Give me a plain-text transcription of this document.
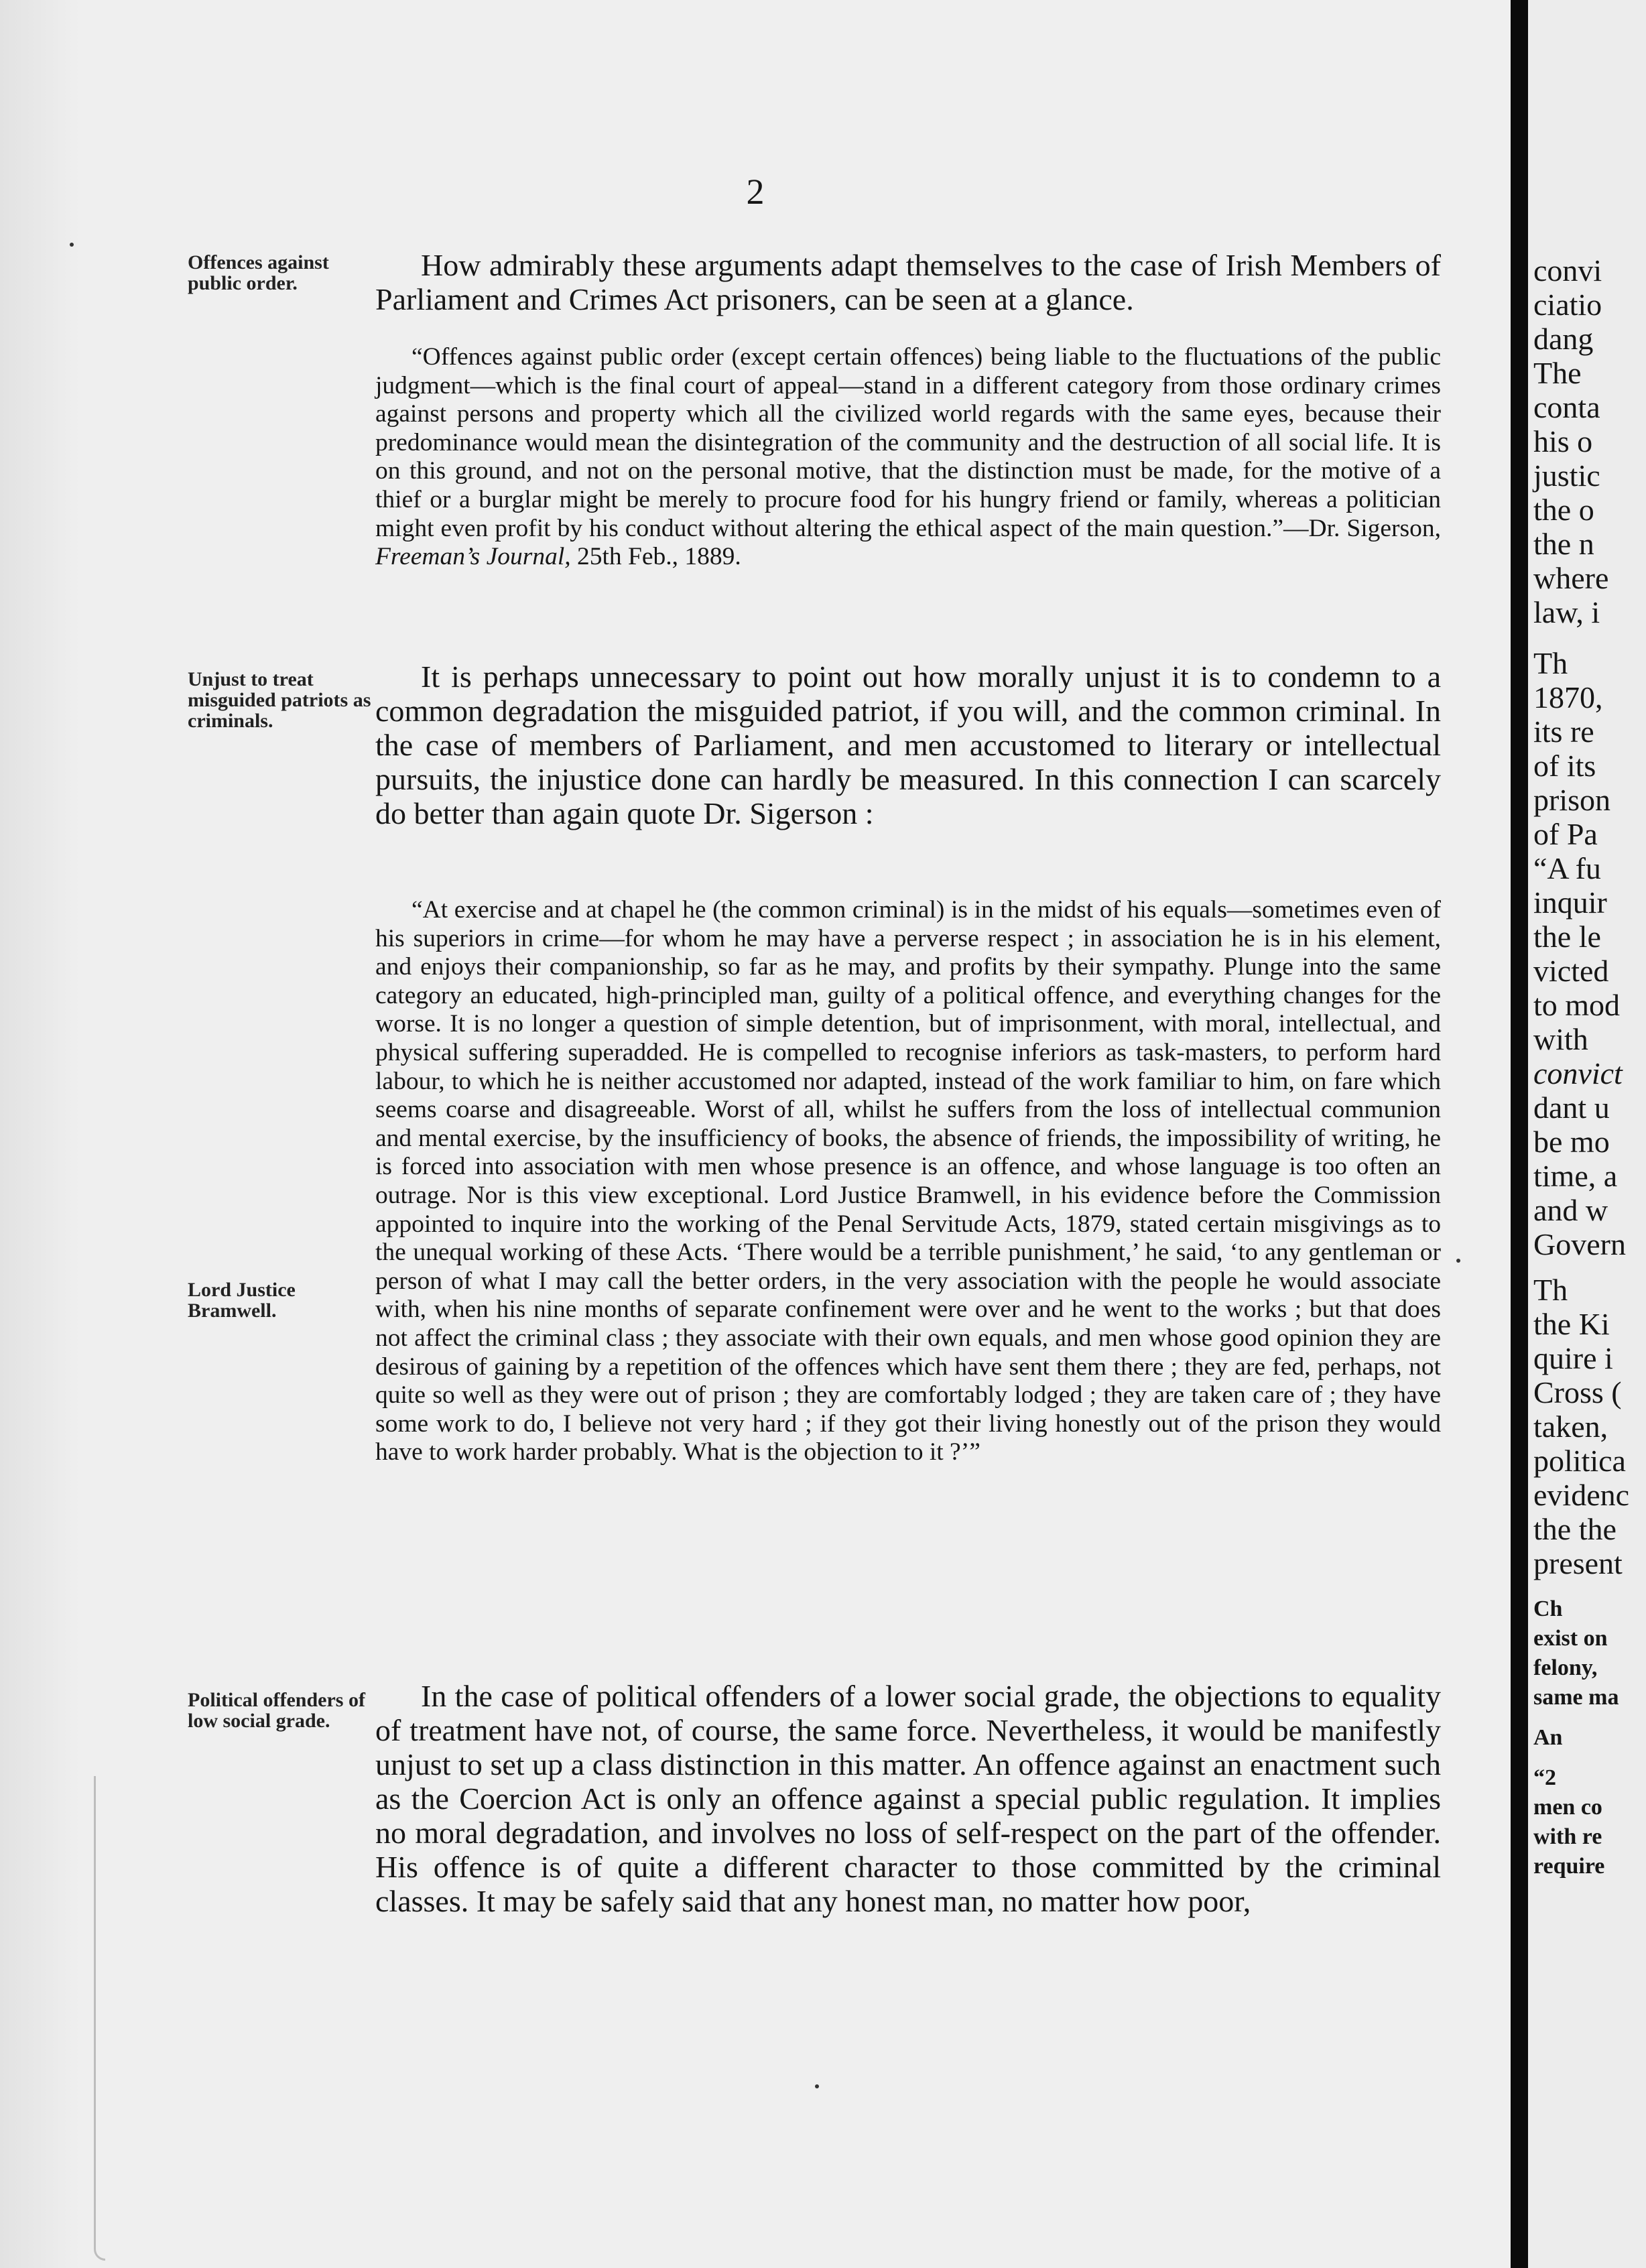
2
Offences against public order.
Unjust to treat misguided patriots as criminals.
Lord Justice Bramwell.
Political offenders of low social grade.

How admirably these arguments adapt themselves to the case of Irish Members of Parliament and Crimes Act prisoners, can be seen at a glance.

“Offences against public order (except certain offences) being liable to the fluctuations of the public judgment—which is the final court of appeal—stand in a different category from those ordinary crimes against persons and property which all the civilized world regards with the same eyes, because their predominance would mean the disintegration of the community and the destruction of all social life. It is on this ground, and not on the personal motive, that the distinction must be made, for the motive of a thief or a burglar might be merely to procure food for his hungry friend or family, whereas a politician might even profit by his conduct without altering the ethical aspect of the main question.”—Dr. Sigerson, Freeman’s Journal, 25th Feb., 1889.

It is perhaps unnecessary to point out how morally unjust it is to condemn to a common degradation the misguided patriot, if you will, and the common criminal. In the case of members of Parliament, and men accustomed to literary or intellectual pursuits, the injustice done can hardly be measured. In this connection I can scarcely do better than again quote Dr. Sigerson :

“At exercise and at chapel he (the common criminal) is in the midst of his equals—sometimes even of his superiors in crime—for whom he may have a perverse respect ; in association he is in his element, and enjoys their companionship, so far as he may, and profits by their sympathy. Plunge into the same category an educated, high-principled man, guilty of a political offence, and everything changes for the worse. It is no longer a question of simple detention, but of imprisonment, with moral, intellectual, and physical suffering superadded. He is compelled to recognise inferiors as task-masters, to perform hard labour, to which he is neither accustomed nor adapted, instead of the work familiar to him, on fare which seems coarse and disagreeable. Worst of all, whilst he suffers from the loss of intellectual communion and mental exercise, by the insufficiency of books, the absence of friends, the impossibility of writing, he is forced into association with men whose presence is an offence, and whose language is too often an outrage. Nor is this view exceptional. Lord Justice Bramwell, in his evidence before the Commission appointed to inquire into the working of the Penal Servitude Acts, 1879, stated certain misgivings as to the unequal working of these Acts. ‘There would be a terrible punishment,’ he said, ‘to any gentleman or person of what I may call the better orders, in the very association with the people he would associate with, when his nine months of separate confinement were over and he went to the works ; but that does not affect the criminal class ; they associate with their own equals, and men whose good opinion they are desirous of gaining by a repetition of the offences which have sent them there ; they are fed, perhaps, not quite so well as they were out of prison ; they are comfortably lodged ; they are taken care of ; they have some work to do, I believe not very hard ; if they got their living honestly out of the prison they would have to work harder probably. What is the objection to it ?’”

In the case of political offenders of a lower social grade, the objections to equality of treatment have not, of course, the same force. Nevertheless, it would be manifestly unjust to set up a class distinction in this matter. An offence against an enactment such as the Coercion Act is only an offence against a special public regulation. It implies no moral degradation, and involves no loss of self-respect on the part of the offender. His offence is of quite a different character to those committed by the criminal classes. It may be safely said that any honest man, no matter how poor,

convi
ciatio
dang
The
conta
his o
justic
the o
the n
where
law, i
Th
1870,
its re
of its
prison
of Pa
“A fu
inquir
the le
victed
to mod
with
convict
dant u
be mo
time, a
and w
Govern
Th
the Ki
quire i
Cross (
taken,
politica
evidenc
the the
present
Ch
exist on
felony,
same ma
An
“2
men co
with re
require
